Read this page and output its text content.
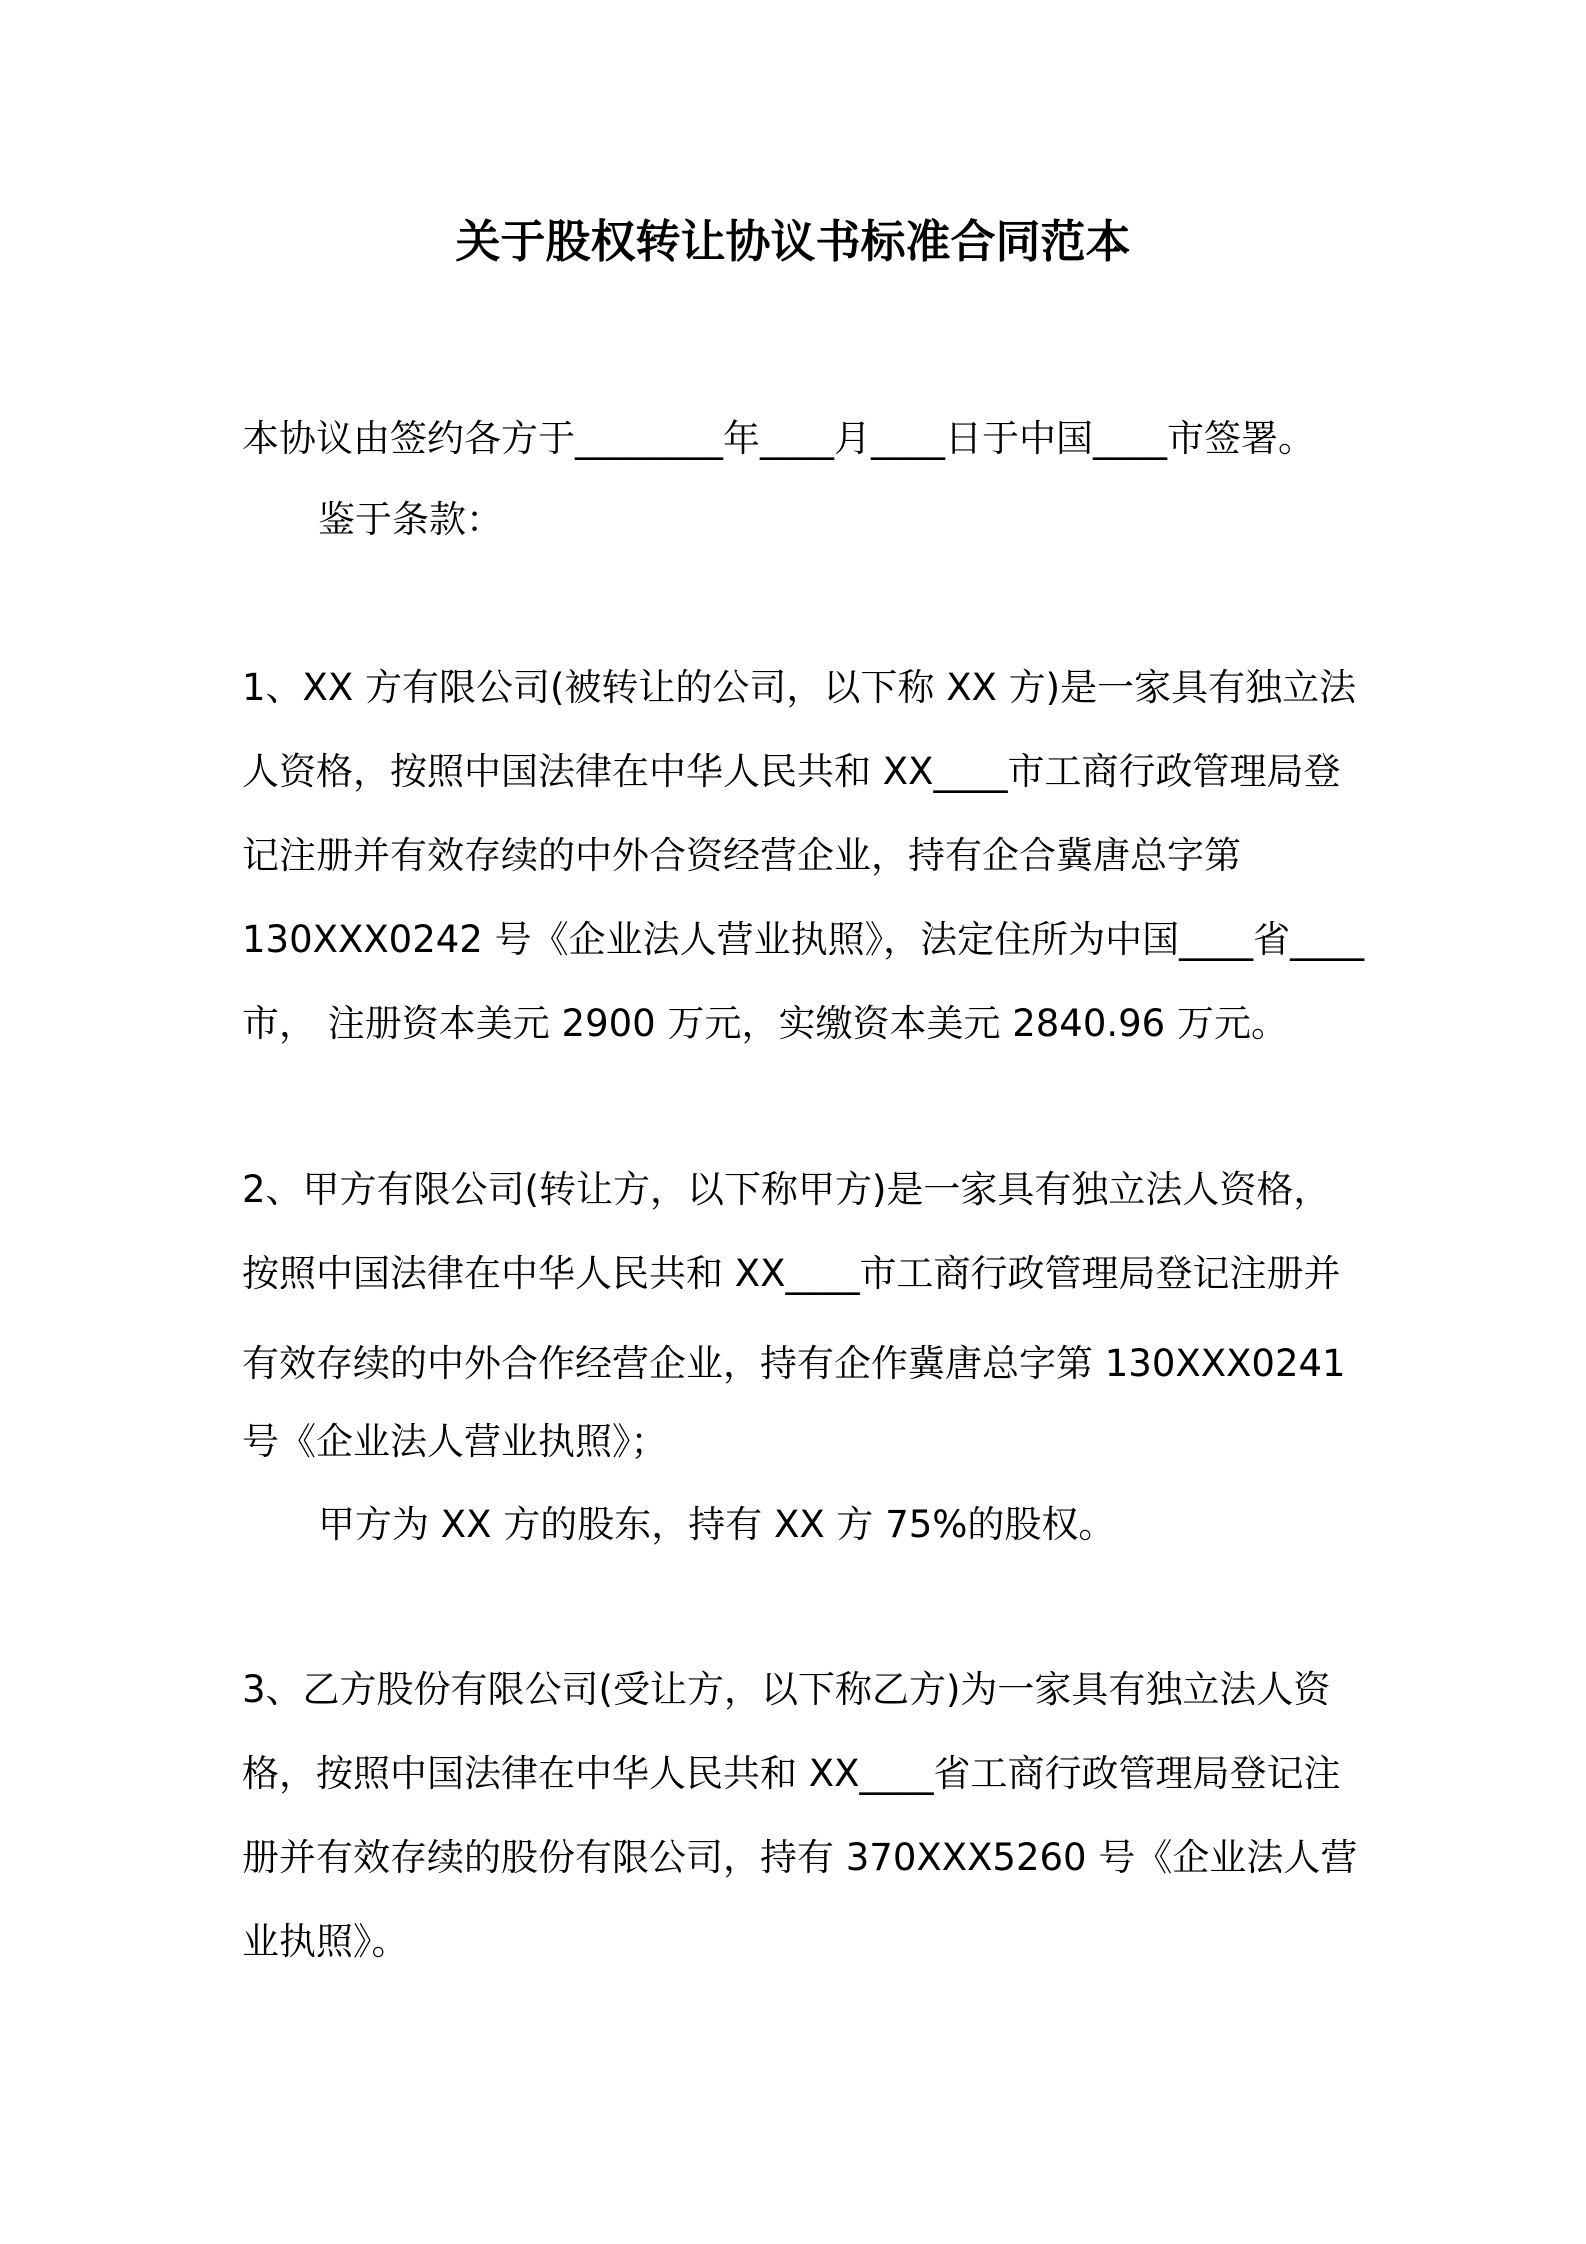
关于股权转让协议书标准合同范本
本协议由签约各方于________年____月____日于中国____市签署。
鉴于条款：
1、XX 方有限公司(被转让的公司，以下称 XX 方)是一家具有独立法
人资格，按照中国法律在中华人民共和 XX____市工商行政管理局登
记注册并有效存续的中外合资经营企业，持有企合冀唐总字第
130XXX0242 号《企业法人营业执照》，法定住所为中国____省____
市， 注册资本美元 2900 万元，实缴资本美元 2840.96 万元。
2、甲方有限公司(转让方，以下称甲方)是一家具有独立法人资格，
按照中国法律在中华人民共和 XX____市工商行政管理局登记注册并
有效存续的中外合作经营企业，持有企作冀唐总字第 130XXX0241
号《企业法人营业执照》；
甲方为 XX 方的股东，持有 XX 方 75%的股权。
3、乙方股份有限公司(受让方，以下称乙方)为一家具有独立法人资
格，按照中国法律在中华人民共和 XX____省工商行政管理局登记注
册并有效存续的股份有限公司，持有 370XXX5260 号《企业法人营
业执照》。
